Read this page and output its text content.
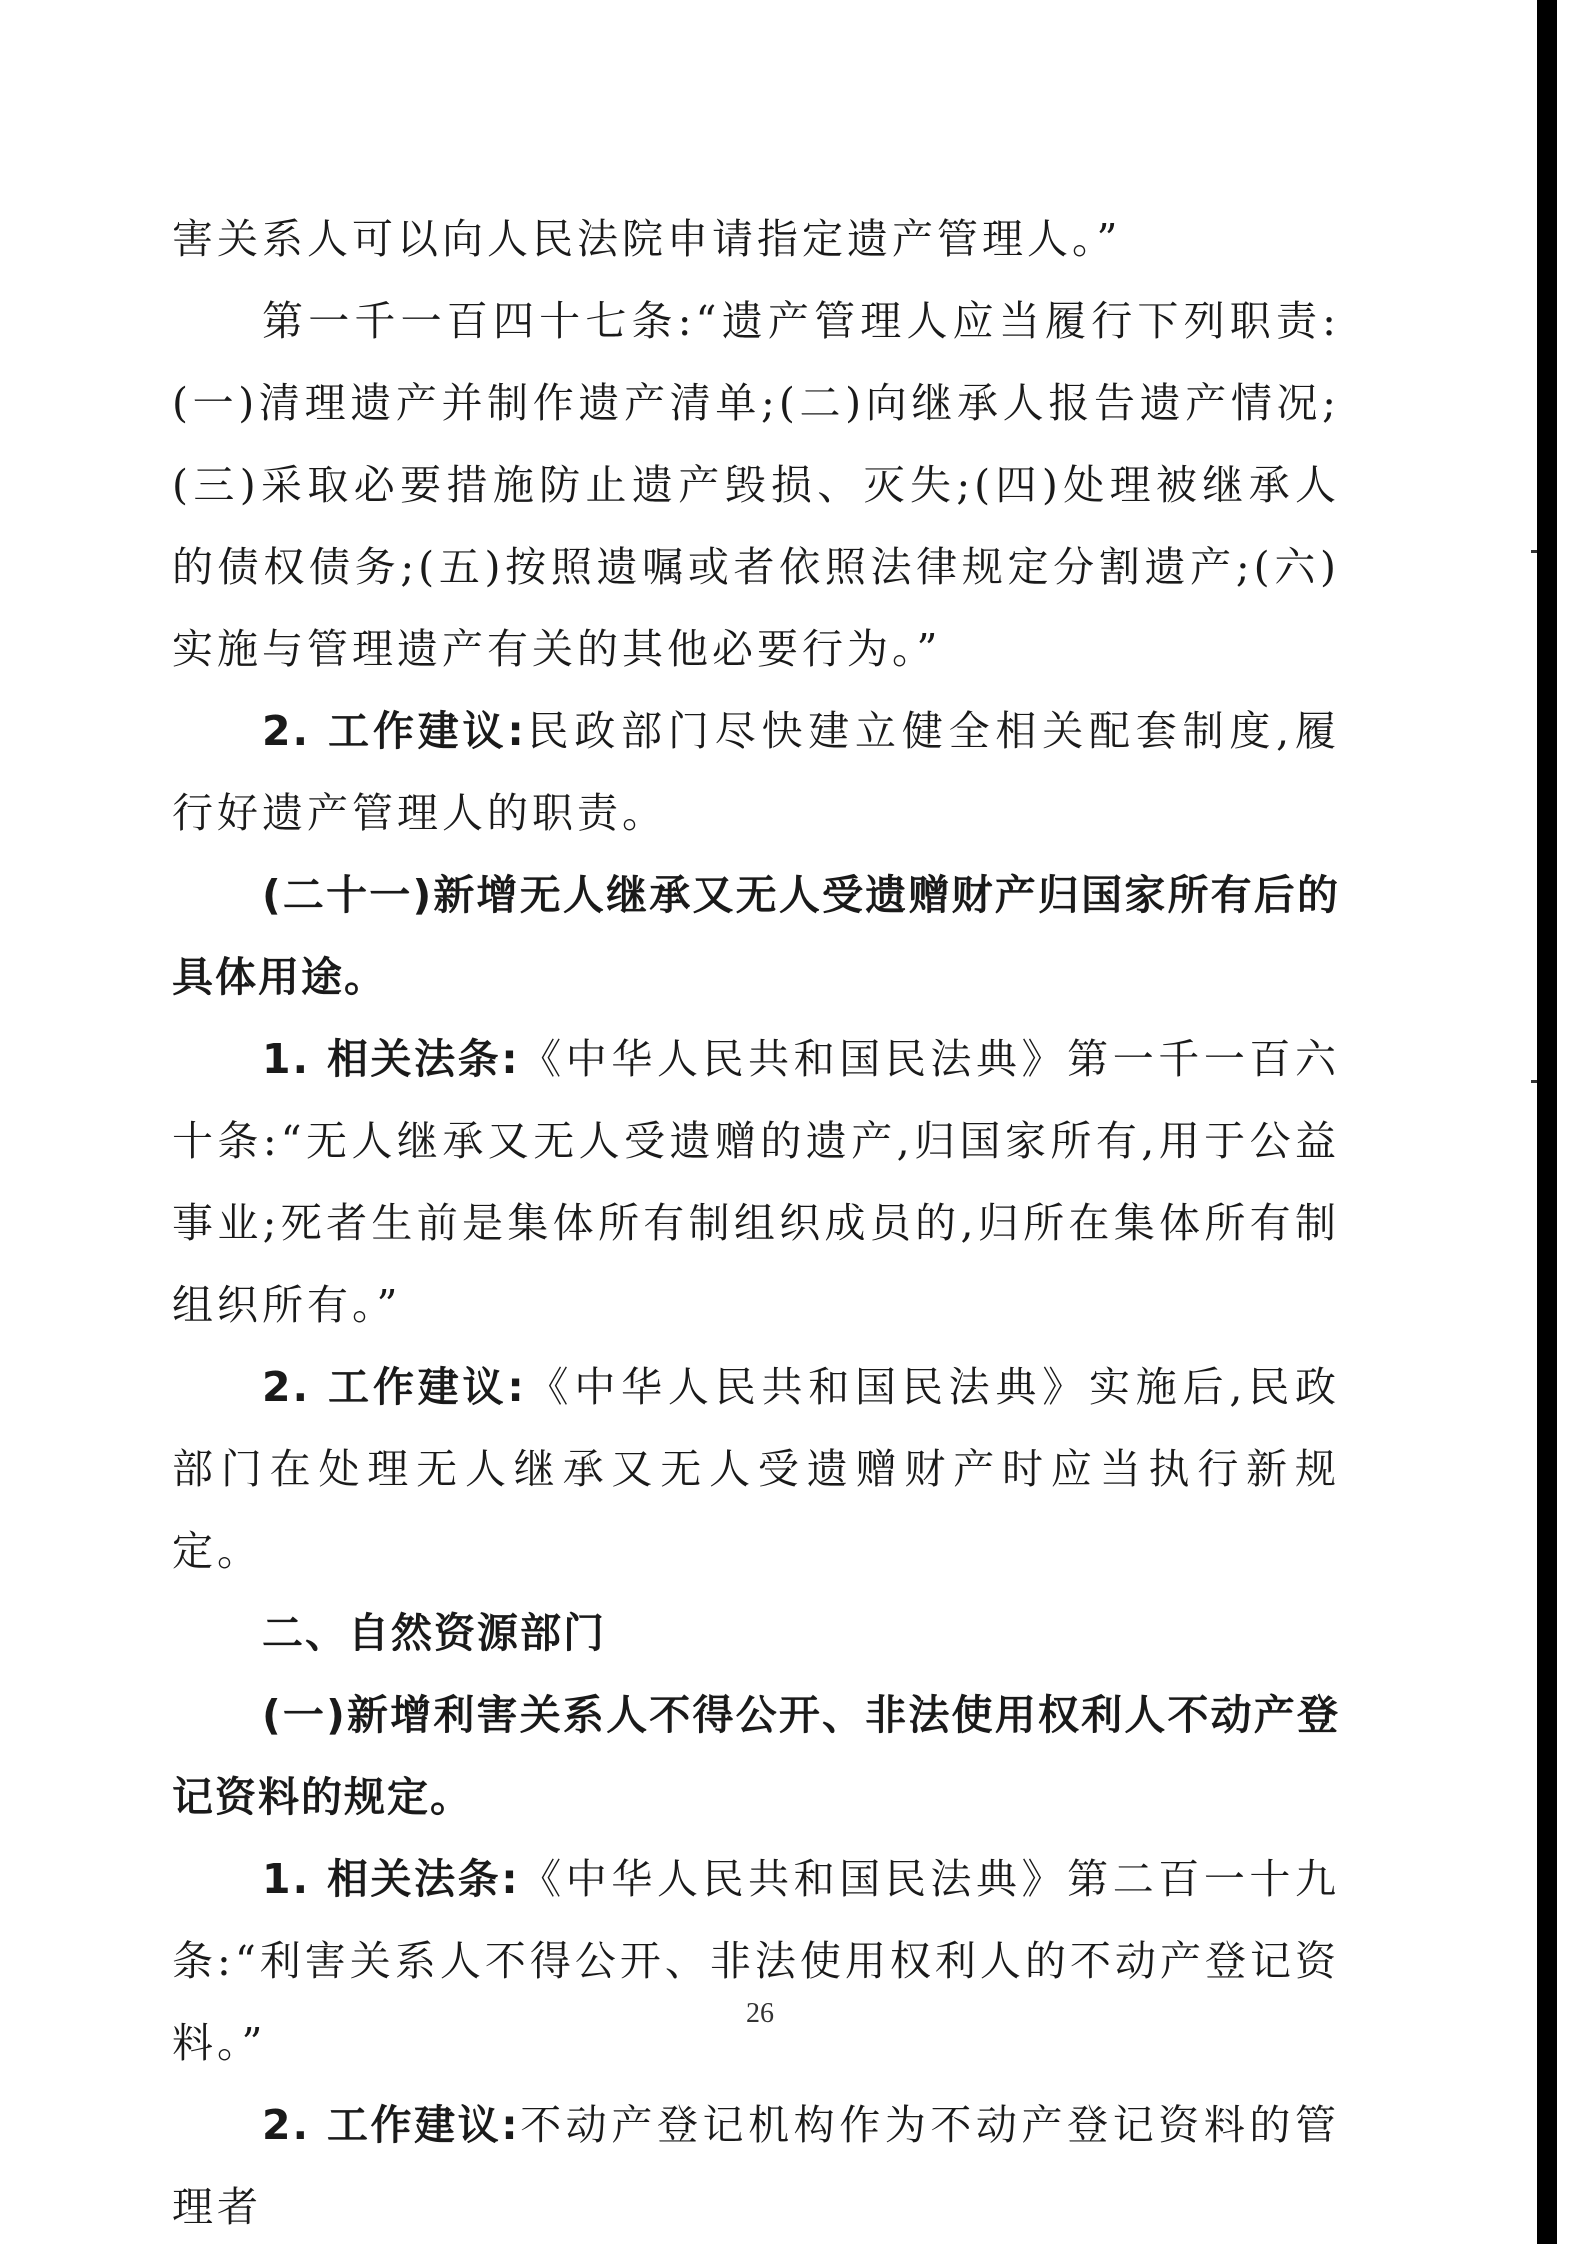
害关系人可以向人民法院申请指定遗产管理人。”

第一千一百四十七条:“遗产管理人应当履行下列职责:(一)清理遗产并制作遗产清单;(二)向继承人报告遗产情况;(三)采取必要措施防止遗产毁损、灭失;(四)处理被继承人的债权债务;(五)按照遗嘱或者依照法律规定分割遗产;(六)实施与管理遗产有关的其他必要行为。”

2. 工作建议:民政部门尽快建立健全相关配套制度,履行好遗产管理人的职责。

(二十一)新增无人继承又无人受遗赠财产归国家所有后的具体用途。

1. 相关法条:《中华人民共和国民法典》第一千一百六十条:“无人继承又无人受遗赠的遗产,归国家所有,用于公益事业;死者生前是集体所有制组织成员的,归所在集体所有制组织所有。”

2. 工作建议:《中华人民共和国民法典》实施后,民政部门在处理无人继承又无人受遗赠财产时应当执行新规定。

二、自然资源部门

(一)新增利害关系人不得公开、非法使用权利人不动产登记资料的规定。

1. 相关法条:《中华人民共和国民法典》第二百一十九条:“利害关系人不得公开、非法使用权利人的不动产登记资料。”

2. 工作建议:不动产登记机构作为不动产登记资料的管理者

26
